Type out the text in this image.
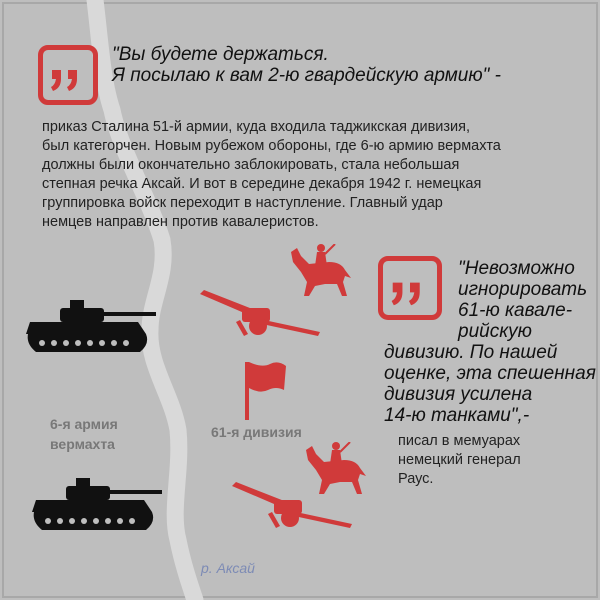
"Вы будете держаться.
Я посылаю к вам 2-ю гвардейскую армию" -
приказ Сталина 51-й армии, куда входила таджикская дивизия,
был категорчен. Новым рубежом обороны, где 6-ю армию вермахта
должны были окончательно заблокировать, стала небольшая
степная речка Аксай. И вот в середине декабря 1942 г. немецкая
группировка войск переходит в наступление. Главный удар
немцев направлен против кавалеристов.
"Невозможно
игнорировать
61-ю кавале-
рийскую
дивизию. По нашей
оценке, эта спешенная
дивизия усилена
14-ю танками",-
писал в мемуарах
немецкий генерал
Раус.
6-я армия
вермахта
61-я дивизия
р. Аксай
